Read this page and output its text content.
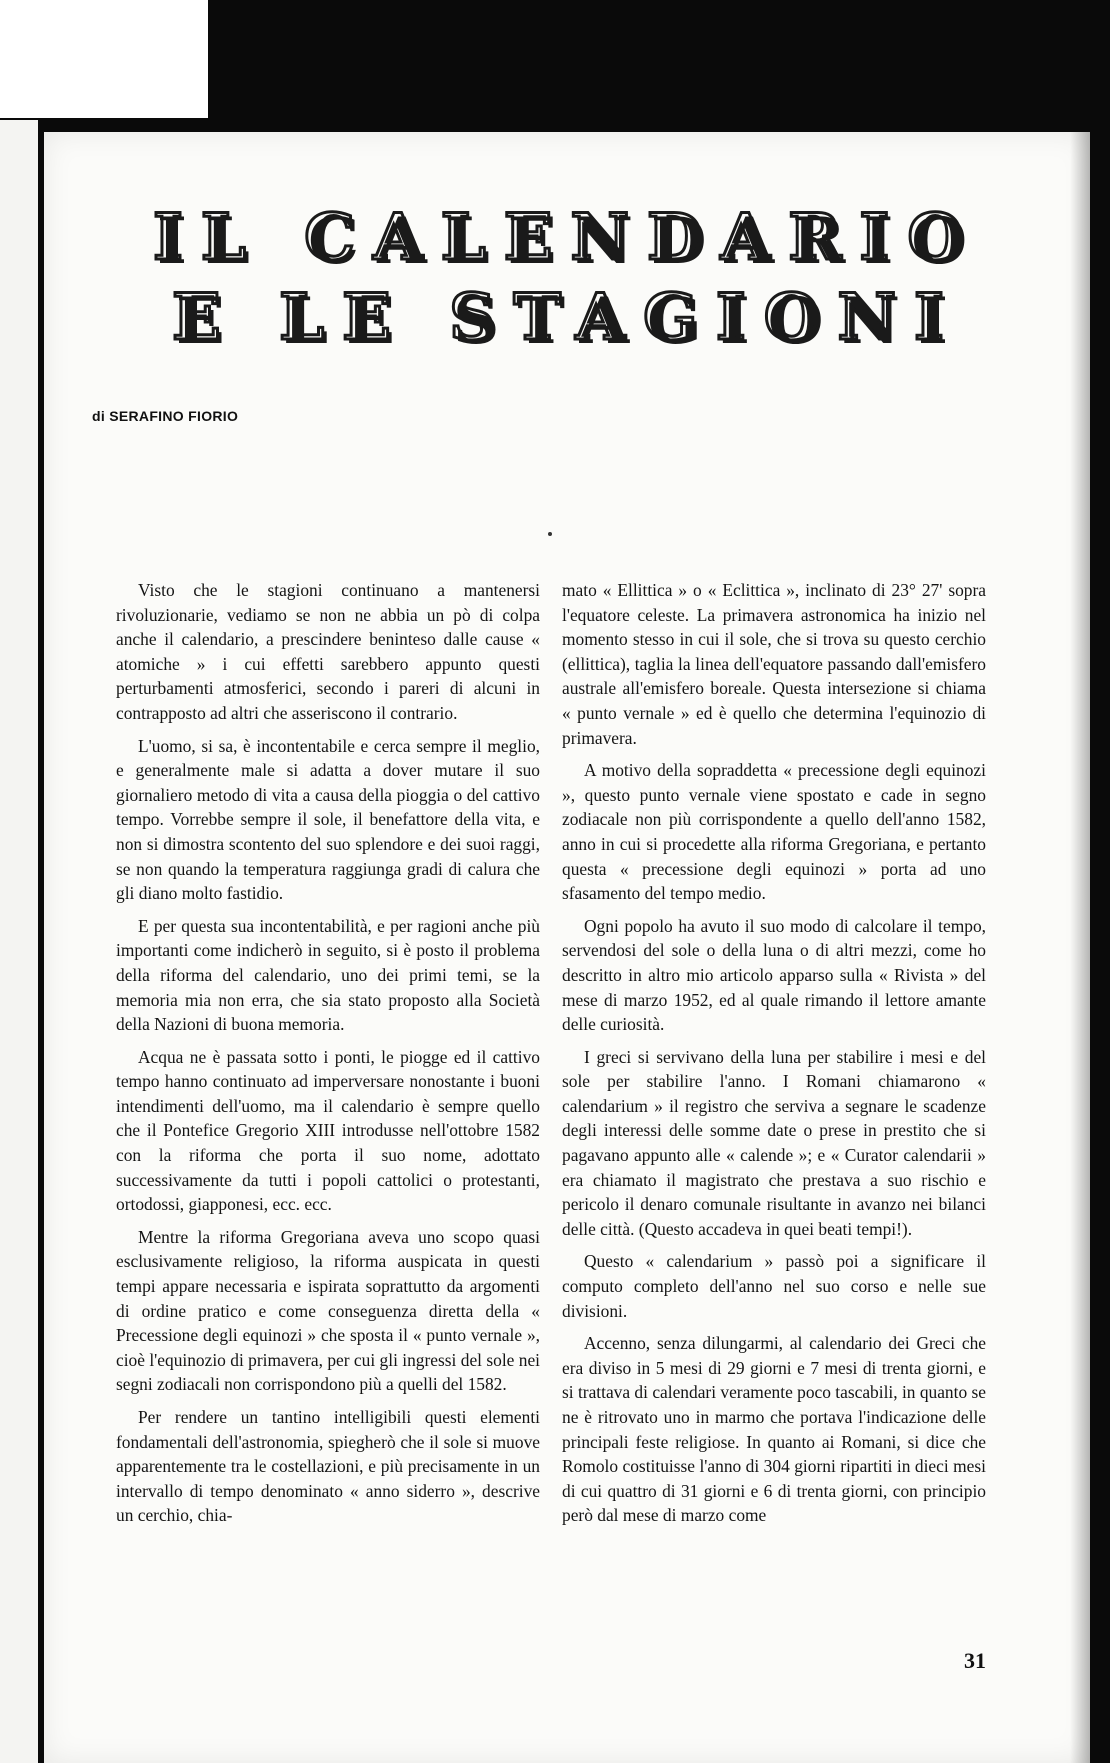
IL CALENDARIO
E LE STAGIONI
di SERAFINO FIORIO

Visto che le stagioni continuano a mantenersi rivoluzionarie, vediamo se non ne abbia un pò di colpa anche il calendario, a prescindere beninteso dalle cause « atomiche » i cui effetti sarebbero appunto questi perturbamenti atmosferici, secondo i pareri di alcuni in contrapposto ad altri che asseriscono il contrario.

L'uomo, si sa, è incontentabile e cerca sempre il meglio, e generalmente male si adatta a dover mutare il suo giornaliero metodo di vita a causa della pioggia o del cattivo tempo. Vorrebbe sempre il sole, il benefattore della vita, e non si dimostra scontento del suo splendore e dei suoi raggi, se non quando la temperatura raggiunga gradi di calura che gli diano molto fastidio.

E per questa sua incontentabilità, e per ragioni anche più importanti come indicherò in seguito, si è posto il problema della riforma del calendario, uno dei primi temi, se la memoria mia non erra, che sia stato proposto alla Società della Nazioni di buona memoria.

Acqua ne è passata sotto i ponti, le piogge ed il cattivo tempo hanno continuato ad imperversare nonostante i buoni intendimenti dell'uomo, ma il calendario è sempre quello che il Pontefice Gregorio XIII introdusse nell'ottobre 1582 con la riforma che porta il suo nome, adottato successivamente da tutti i popoli cattolici o protestanti, ortodossi, giapponesi, ecc. ecc.

Mentre la riforma Gregoriana aveva uno scopo quasi esclusivamente religioso, la riforma auspicata in questi tempi appare necessaria e ispirata soprattutto da argomenti di ordine pratico e come conseguenza diretta della « Precessione degli equinozi » che sposta il « punto vernale », cioè l'equinozio di primavera, per cui gli ingressi del sole nei segni zodiacali non corrispondono più a quelli del 1582.

Per rendere un tantino intelligibili questi elementi fondamentali dell'astronomia, spiegherò che il sole si muove apparentemente tra le costellazioni, e più precisamente in un intervallo di tempo denominato « anno siderro », descrive un cerchio, chia-

mato « Ellittica » o « Eclittica », inclinato di 23° 27' sopra l'equatore celeste. La primavera astronomica ha inizio nel momento stesso in cui il sole, che si trova su questo cerchio (ellittica), taglia la linea dell'equatore passando dall'emisfero australe all'emisfero boreale. Questa intersezione si chiama « punto vernale » ed è quello che determina l'equinozio di primavera.

A motivo della sopraddetta « precessione degli equinozi », questo punto vernale viene spostato e cade in segno zodiacale non più corrispondente a quello dell'anno 1582, anno in cui si procedette alla riforma Gregoriana, e pertanto questa « precessione degli equinozi » porta ad uno sfasamento del tempo medio.

Ogni popolo ha avuto il suo modo di calcolare il tempo, servendosi del sole o della luna o di altri mezzi, come ho descritto in altro mio articolo apparso sulla « Rivista » del mese di marzo 1952, ed al quale rimando il lettore amante delle curiosità.

I greci si servivano della luna per stabilire i mesi e del sole per stabilire l'anno. I Romani chiamarono « calendarium » il registro che serviva a segnare le scadenze degli interessi delle somme date o prese in prestito che si pagavano appunto alle « calende »; e « Curator calendarii » era chiamato il magistrato che prestava a suo rischio e pericolo il denaro comunale risultante in avanzo nei bilanci delle città. (Questo accadeva in quei beati tempi!).

Questo « calendarium » passò poi a significare il computo completo dell'anno nel suo corso e nelle sue divisioni.

Accenno, senza dilungarmi, al calendario dei Greci che era diviso in 5 mesi di 29 giorni e 7 mesi di trenta giorni, e si trattava di calendari veramente poco tascabili, in quanto se ne è ritrovato uno in marmo che portava l'indicazione delle principali feste religiose. In quanto ai Romani, si dice che Romolo costituisse l'anno di 304 giorni ripartiti in dieci mesi di cui quattro di 31 giorni e 6 di trenta giorni, con principio però dal mese di marzo come

31
